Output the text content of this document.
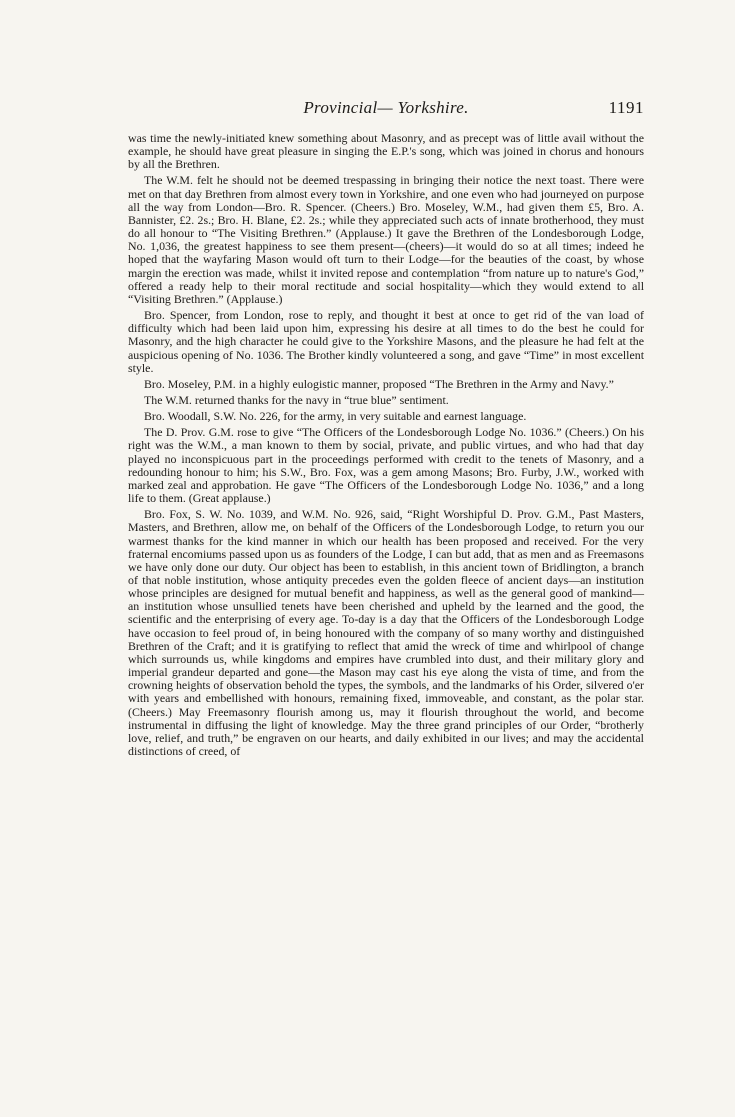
Provincial— Yorkshire.	1191

was time the newly-initiated knew something about Masonry, and as precept was of little avail without the example, he should have great pleasure in singing the E.P.'s song, which was joined in chorus and honours by all the Brethren.

The W.M. felt he should not be deemed trespassing in bringing their notice the next toast. There were met on that day Brethren from almost every town in Yorkshire, and one even who had journeyed on purpose all the way from London—Bro. R. Spencer. (Cheers.) Bro. Moseley, W.M., had given them £5, Bro. A. Bannister, £2. 2s.; Bro. H. Blane, £2. 2s.; while they appreciated such acts of innate brotherhood, they must do all honour to “The Visiting Brethren.” (Applause.) It gave the Brethren of the Londesborough Lodge, No. 1,036, the greatest happiness to see them present—(cheers)—it would do so at all times; indeed he hoped that the wayfaring Mason would oft turn to their Lodge—for the beauties of the coast, by whose margin the erection was made, whilst it invited repose and contemplation “from nature up to nature's God,” offered a ready help to their moral rectitude and social hospitality—which they would extend to all “Visiting Brethren.” (Applause.)

Bro. Spencer, from London, rose to reply, and thought it best at once to get rid of the van load of difficulty which had been laid upon him, expressing his desire at all times to do the best he could for Masonry, and the high character he could give to the Yorkshire Masons, and the pleasure he had felt at the auspicious opening of No. 1036. The Brother kindly volunteered a song, and gave “Time” in most excellent style.

Bro. Moseley, P.M. in a highly eulogistic manner, proposed “The Brethren in the Army and Navy.”

The W.M. returned thanks for the navy in “true blue” sentiment.

Bro. Woodall, S.W. No. 226, for the army, in very suitable and earnest language.

The D. Prov. G.M. rose to give “The Officers of the Londesborough Lodge No. 1036.” (Cheers.) On his right was the W.M., a man known to them by social, private, and public virtues, and who had that day played no inconspicuous part in the proceedings performed with credit to the tenets of Masonry, and a redounding honour to him; his S.W., Bro. Fox, was a gem among Masons; Bro. Furby, J.W., worked with marked zeal and approbation. He gave “The Officers of the Londesborough Lodge No. 1036,” and a long life to them. (Great applause.)

Bro. Fox, S. W. No. 1039, and W.M. No. 926, said, “Right Worshipful D. Prov. G.M., Past Masters, Masters, and Brethren, allow me, on behalf of the Officers of the Londesborough Lodge, to return you our warmest thanks for the kind manner in which our health has been proposed and received. For the very fraternal encomiums passed upon us as founders of the Lodge, I can but add, that as men and as Freemasons we have only done our duty. Our object has been to establish, in this ancient town of Bridlington, a branch of that noble institution, whose antiquity precedes even the golden fleece of ancient days—an institution whose principles are designed for mutual benefit and happiness, as well as the general good of mankind—an institution whose unsullied tenets have been cherished and upheld by the learned and the good, the scientific and the enterprising of every age. To-day is a day that the Officers of the Londesborough Lodge have occasion to feel proud of, in being honoured with the company of so many worthy and distinguished Brethren of the Craft; and it is gratifying to reflect that amid the wreck of time and whirlpool of change which surrounds us, while kingdoms and empires have crumbled into dust, and their military glory and imperial grandeur departed and gone—the Mason may cast his eye along the vista of time, and from the crowning heights of observation behold the types, the symbols, and the landmarks of his Order, silvered o'er with years and embellished with honours, remaining fixed, immoveable, and constant, as the polar star. (Cheers.) May Freemasonry flourish among us, may it flourish throughout the world, and become instrumental in diffusing the light of knowledge. May the three grand principles of our Order, “brotherly love, relief, and truth,” be engraven on our hearts, and daily exhibited in our lives; and may the accidental distinctions of creed, of
